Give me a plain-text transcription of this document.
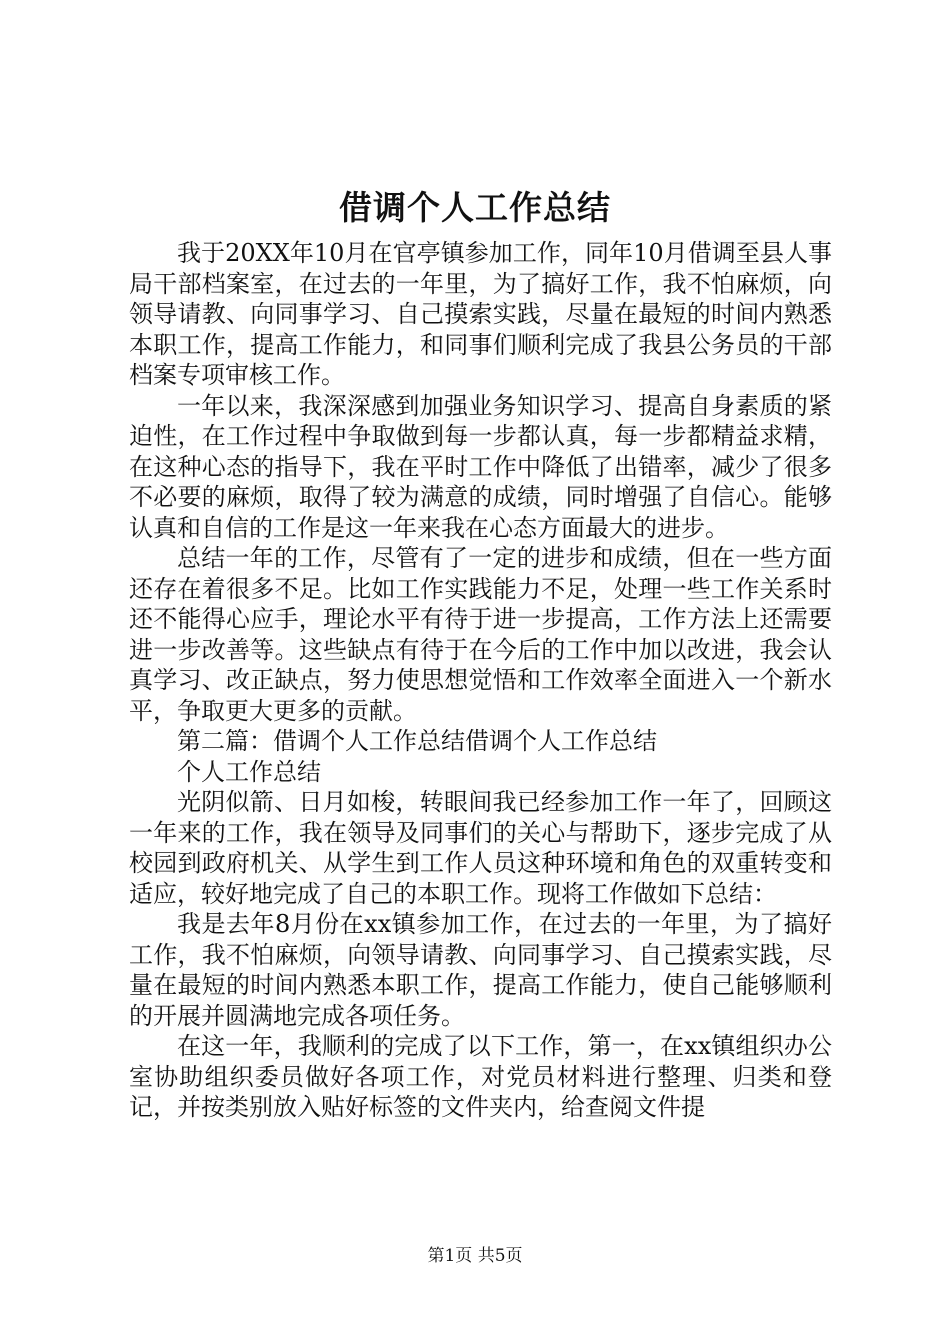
借调个人工作总结

我于20XX年10月在官亭镇参加工作，同年10月借调至县人事局干部档案室，在过去的一年里，为了搞好工作，我不怕麻烦，向领导请教、向同事学习、自己摸索实践，尽量在最短的时间内熟悉本职工作，提高工作能力，和同事们顺利完成了我县公务员的干部档案专项审核工作。

一年以来，我深深感到加强业务知识学习、提高自身素质的紧迫性，在工作过程中争取做到每一步都认真，每一步都精益求精，在这种心态的指导下，我在平时工作中降低了出错率，减少了很多不必要的麻烦，取得了较为满意的成绩，同时增强了自信心。能够认真和自信的工作是这一年来我在心态方面最大的进步。

总结一年的工作，尽管有了一定的进步和成绩，但在一些方面还存在着很多不足。比如工作实践能力不足，处理一些工作关系时还不能得心应手，理论水平有待于进一步提高，工作方法上还需要进一步改善等。这些缺点有待于在今后的工作中加以改进，我会认真学习、改正缺点，努力使思想觉悟和工作效率全面进入一个新水平，争取更大更多的贡献。

第二篇：借调个人工作总结借调个人工作总结

个人工作总结

光阴似箭、日月如梭，转眼间我已经参加工作一年了，回顾这一年来的工作，我在领导及同事们的关心与帮助下，逐步完成了从校园到政府机关、从学生到工作人员这种环境和角色的双重转变和适应，较好地完成了自己的本职工作。现将工作做如下总结：

我是去年8月份在xx镇参加工作，在过去的一年里，为了搞好工作，我不怕麻烦，向领导请教、向同事学习、自己摸索实践，尽量在最短的时间内熟悉本职工作，提高工作能力，使自己能够顺利的开展并圆满地完成各项任务。

在这一年，我顺利的完成了以下工作，第一，在xx镇组织办公室协助组织委员做好各项工作，对党员材料进行整理、归类和登记，并按类别放入贴好标签的文件夹内，给查阅文件提

第1页 共5页
